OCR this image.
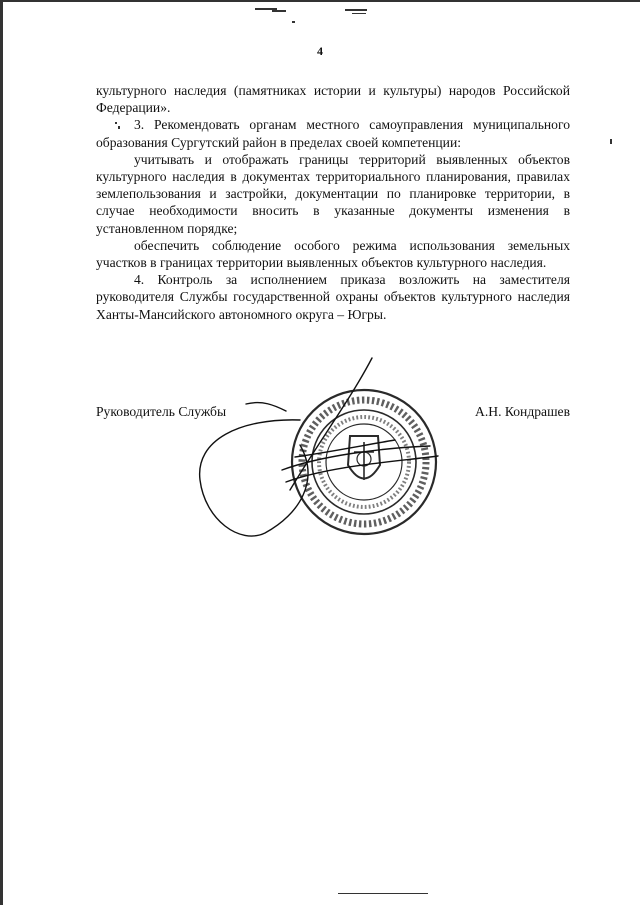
4

культурного наследия (памятниках истории и культуры) народов Российской Федерации».

3. Рекомендовать органам местного самоуправления муниципального образования Сургутский район в пределах своей компетенции:

учитывать и отображать границы территорий выявленных объектов культурного наследия в документах территориального планирования, правилах землепользования и застройки, документации по планировке территории, в случае необходимости вносить в указанные документы изменения в установленном порядке;

обеспечить соблюдение особого режима использования земельных участков в границах территории выявленных объектов культурного наследия.

4. Контроль за исполнением приказа возложить на заместителя руководителя Службы государственной охраны объектов культурного наследия Ханты-Мансийского автономного округа – Югры.

Руководитель Службы	А.Н. Кондрашев
